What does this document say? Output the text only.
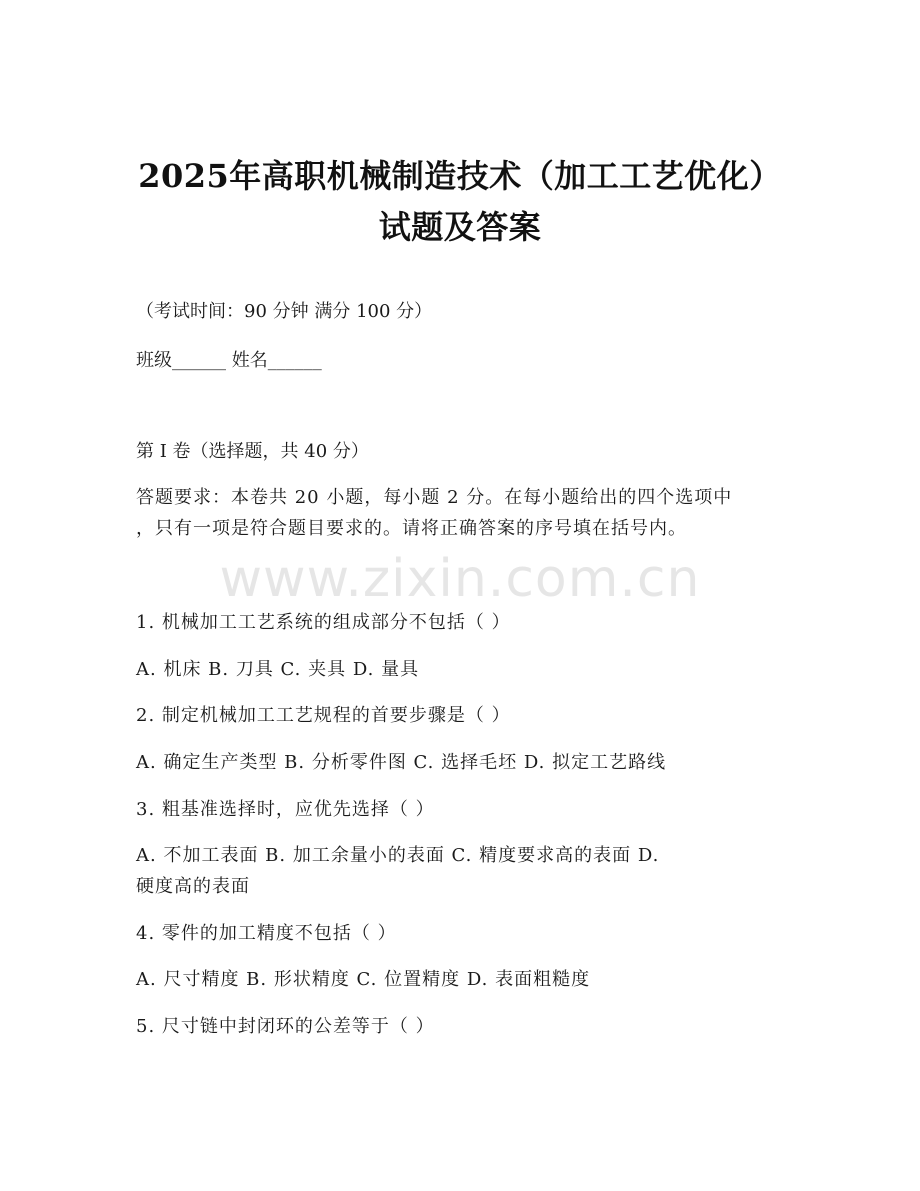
2025年高职机械制造技术（加工工艺优化）
试题及答案
（考试时间：90 分钟 满分 100 分）
班级______ 姓名______
第 I 卷（选择题，共 40 分）
答题要求：本卷共 20 小题，每小题 2 分。在每小题给出的四个选项中
，只有一项是符合题目要求的。请将正确答案的序号填在括号内。
www.zixin.com.cn
1. 机械加工工艺系统的组成部分不包括（ ）
A. 机床 B. 刀具 C. 夹具 D. 量具
2. 制定机械加工工艺规程的首要步骤是（ ）
A. 确定生产类型 B. 分析零件图 C. 选择毛坯 D. 拟定工艺路线
3. 粗基准选择时，应优先选择（ ）
A. 不加工表面 B. 加工余量小的表面 C. 精度要求高的表面 D.
硬度高的表面
4. 零件的加工精度不包括（ ）
A. 尺寸精度 B. 形状精度 C. 位置精度 D. 表面粗糙度
5. 尺寸链中封闭环的公差等于（ ）
